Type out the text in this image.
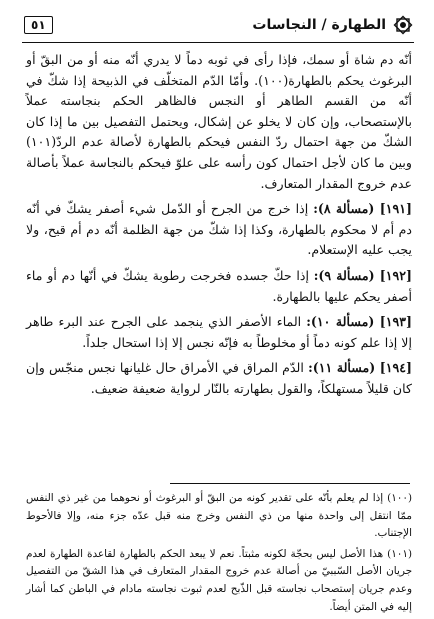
الطهارة / النجاسات
٥١

أنّه دم شاة أو سمك، فإذا رأى في ثوبه دماً لا يدري أنّه منه أو من البقّ أو البرغوث يحكم بالطهارة(١٠٠). وأمّا الدّم المتخلّف في الذبيحة إذا شكّ في أنّه من القسم الطاهر أو النجس فالظاهر الحكم بنجاسته عملاً بالإستصحاب، وإن كان لا يخلو عن إشكال، ويحتمل التفصيل بين ما إذا كان الشكّ من جهة احتمال ردّ النفس فيحكم بالطهارة لأصالة عدم الردّ(١٠١) وبين ما كان لأجل احتمال كون رأسه على علوّ فيحكم بالنجاسة عملاً بأصالة عدم خروج المقدار المتعارف.

[١٩١] (مسألة ٨): إذا خرج من الجرح أو الدّمل شيء أصفر يشكّ في أنّه دم أم لا محكوم بالطهارة، وكذا إذا شكّ من جهة الظلمة أنّه دم أم قيح، ولا يجب عليه الإستعلام.

[١٩٢] (مسألة ٩): إذا حكّ جسده فخرجت رطوبة يشكّ في أنّها دم أو ماء أصفر يحكم عليها بالطهارة.

[١٩٣] (مسألة ١٠): الماء الأصفر الذي ينجمد على الجرح عند البرء طاهر إلا إذا علم كونه دماً أو مخلوطاً به فإنّه نجس إلا إذا استحال جلداً.

[١٩٤] (مسألة ١١): الدّم المراق في الأمراق حال غليانها نجس منجّس وإن كان قليلاً مستهلكاً، والقول بطهارته بالنّار لرواية ضعيفة ضعيف.

(١٠٠) إذا لم يعلم بأنّه على تقدير كونه من البقّ أو البرغوث أو نحوهما من غير ذي النفس ممّا انتقل إلى واحدة منها من ذي النفس وخرج منه قبل عدّه جزء منه، وإلا فالأحوط الإجتناب.

(١٠١) هذا الأصل ليس بحجّة لكونه مثبتاً. نعم لا يبعد الحكم بالطهارة لقاعدة الطهارة لعدم جريان الأصل السّببيّ من أصالة عدم خروج المقدار المتعارف في هذا الشقّ من التفصيل وعدم جريان إستصحاب نجاسته قبل الذّبح لعدم ثبوت نجاسته مادام في الباطن كما أشار إليه في المتن أيضاً.
